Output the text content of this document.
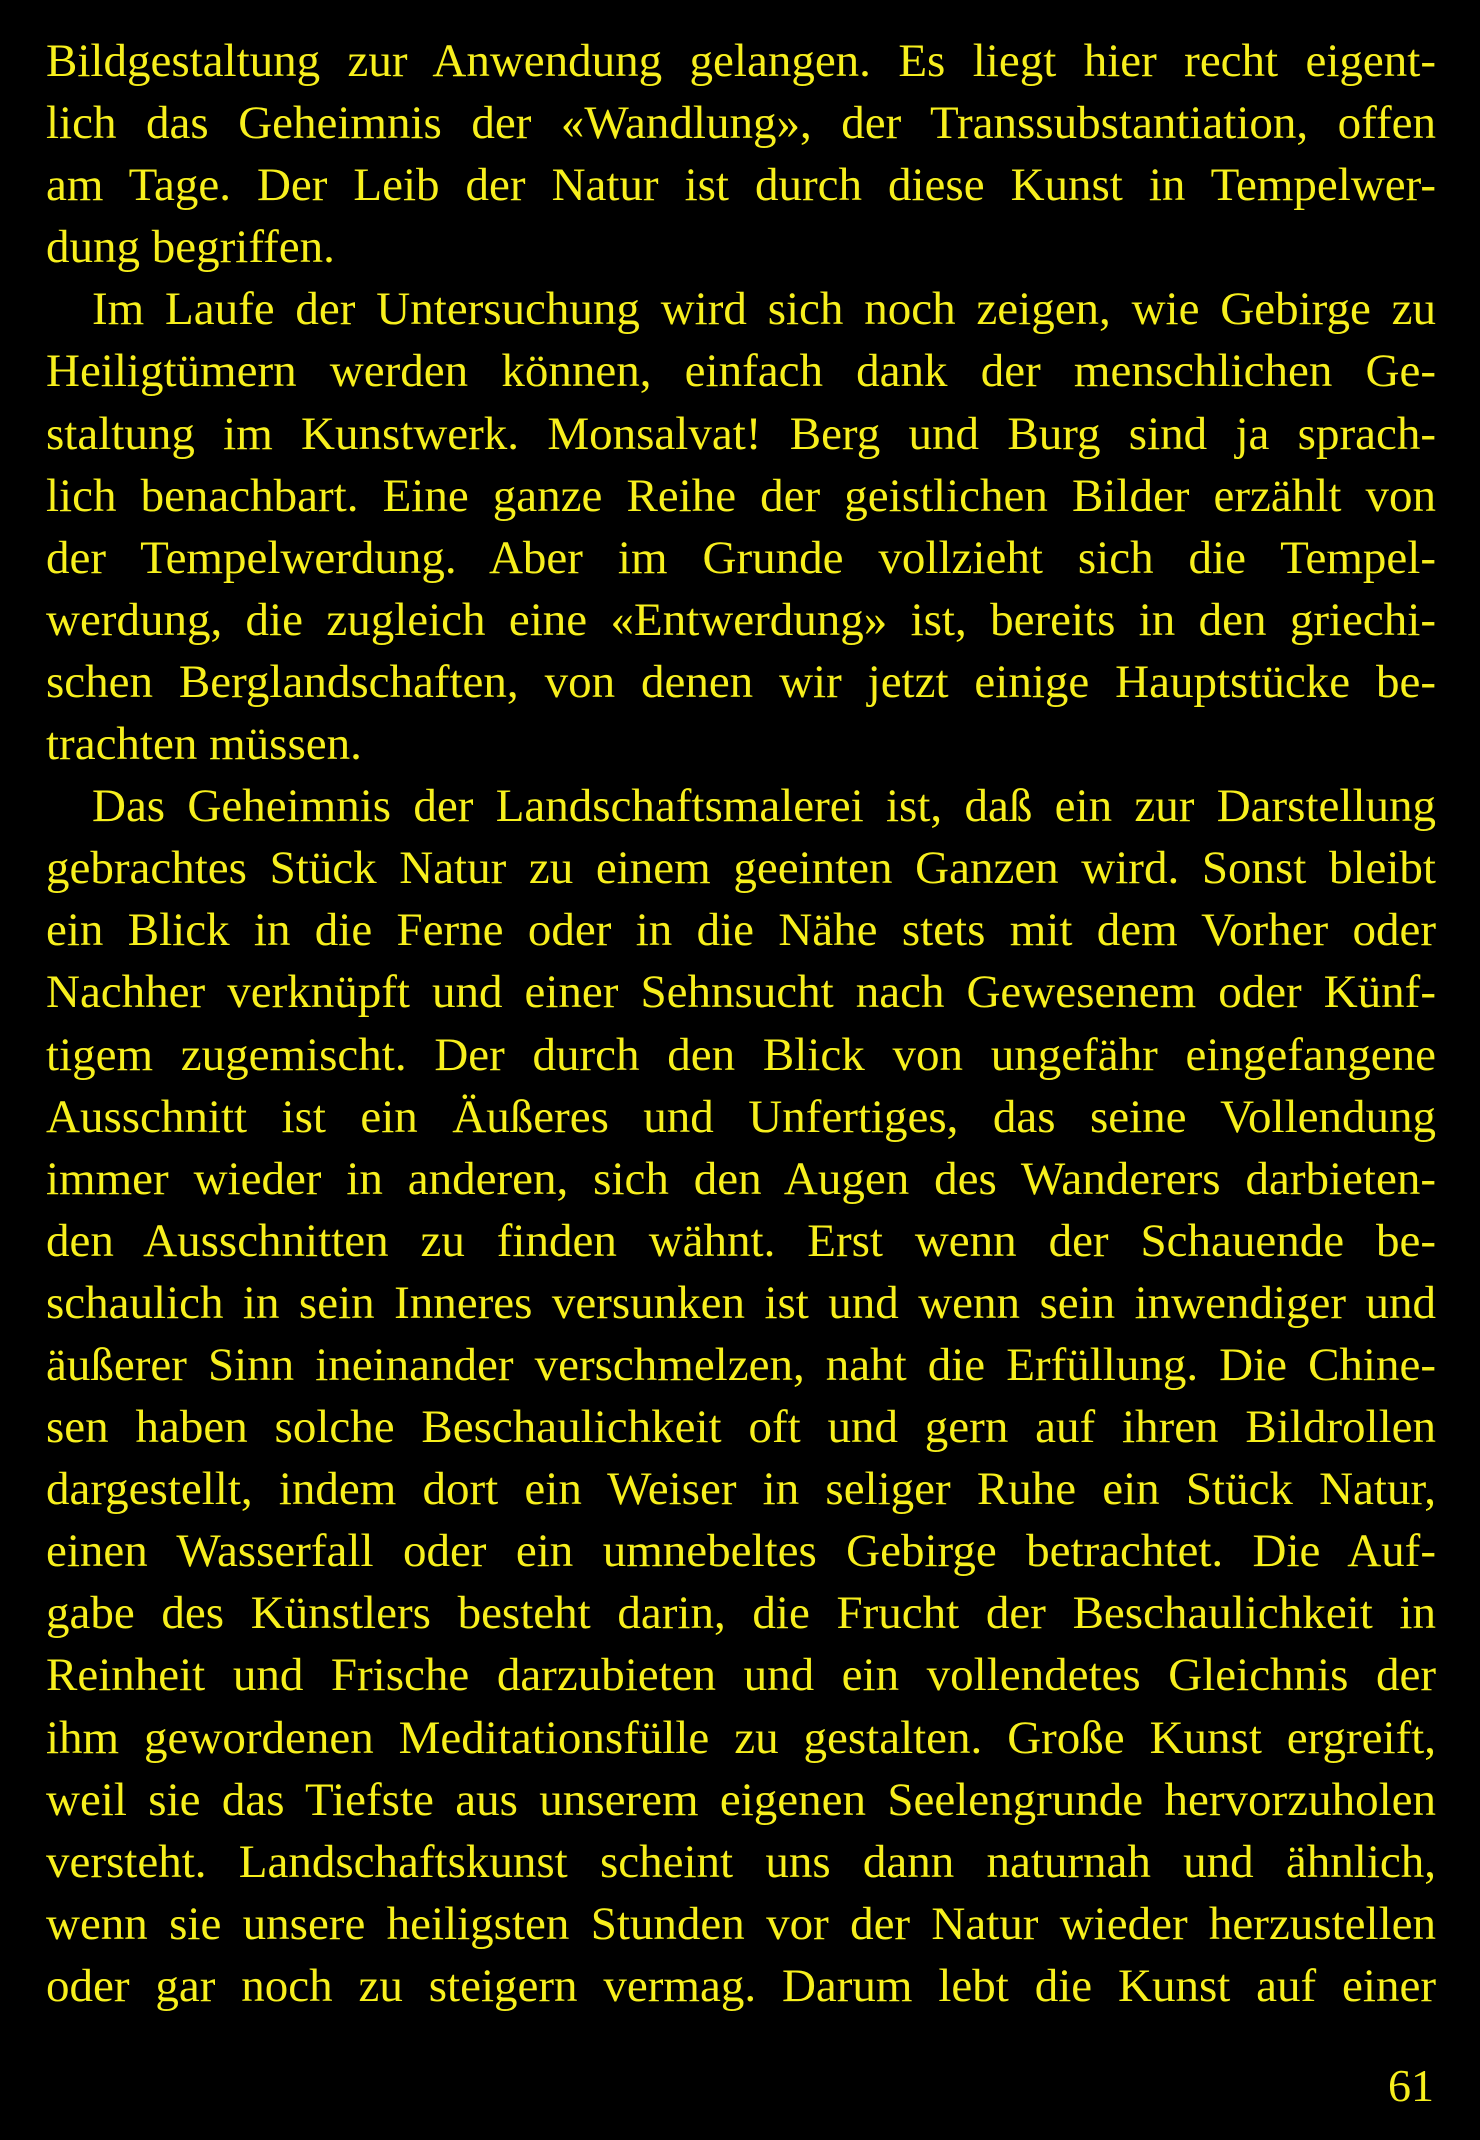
Bildgestaltung zur Anwendung gelangen. Es liegt hier recht eigent-
lich das Geheimnis der «Wandlung», der Transsubstantiation, offen
am Tage. Der Leib der Natur ist durch diese Kunst in Tempelwer-
dung begriffen.

Im Laufe der Untersuchung wird sich noch zeigen, wie Gebirge zu
Heiligtümern werden können, einfach dank der menschlichen Ge-
staltung im Kunstwerk. Monsalvat! Berg und Burg sind ja sprach-
lich benachbart. Eine ganze Reihe der geistlichen Bilder erzählt von
der Tempelwerdung. Aber im Grunde vollzieht sich die Tempel-
werdung, die zugleich eine «Entwerdung» ist, bereits in den griechi-
schen Berglandschaften, von denen wir jetzt einige Hauptstücke be-
trachten müssen.

Das Geheimnis der Landschaftsmalerei ist, daß ein zur Darstellung
gebrachtes Stück Natur zu einem geeinten Ganzen wird. Sonst bleibt
ein Blick in die Ferne oder in die Nähe stets mit dem Vorher oder
Nachher verknüpft und einer Sehnsucht nach Gewesenem oder Künf-
tigem zugemischt. Der durch den Blick von ungefähr eingefangene
Ausschnitt ist ein Äußeres und Unfertiges, das seine Vollendung
immer wieder in anderen, sich den Augen des Wanderers darbieten-
den Ausschnitten zu finden wähnt. Erst wenn der Schauende be-
schaulich in sein Inneres versunken ist und wenn sein inwendiger und
äußerer Sinn ineinander verschmelzen, naht die Erfüllung. Die Chine-
sen haben solche Beschaulichkeit oft und gern auf ihren Bildrollen
dargestellt, indem dort ein Weiser in seliger Ruhe ein Stück Natur,
einen Wasserfall oder ein umnebeltes Gebirge betrachtet. Die Auf-
gabe des Künstlers besteht darin, die Frucht der Beschaulichkeit in
Reinheit und Frische darzubieten und ein vollendetes Gleichnis der
ihm gewordenen Meditationsfülle zu gestalten. Große Kunst ergreift,
weil sie das Tiefste aus unserem eigenen Seelengrunde hervorzuholen
versteht. Landschaftskunst scheint uns dann naturnah und ähnlich,
wenn sie unsere heiligsten Stunden vor der Natur wieder herzustellen
oder gar noch zu steigern vermag. Darum lebt die Kunst auf einer

61
